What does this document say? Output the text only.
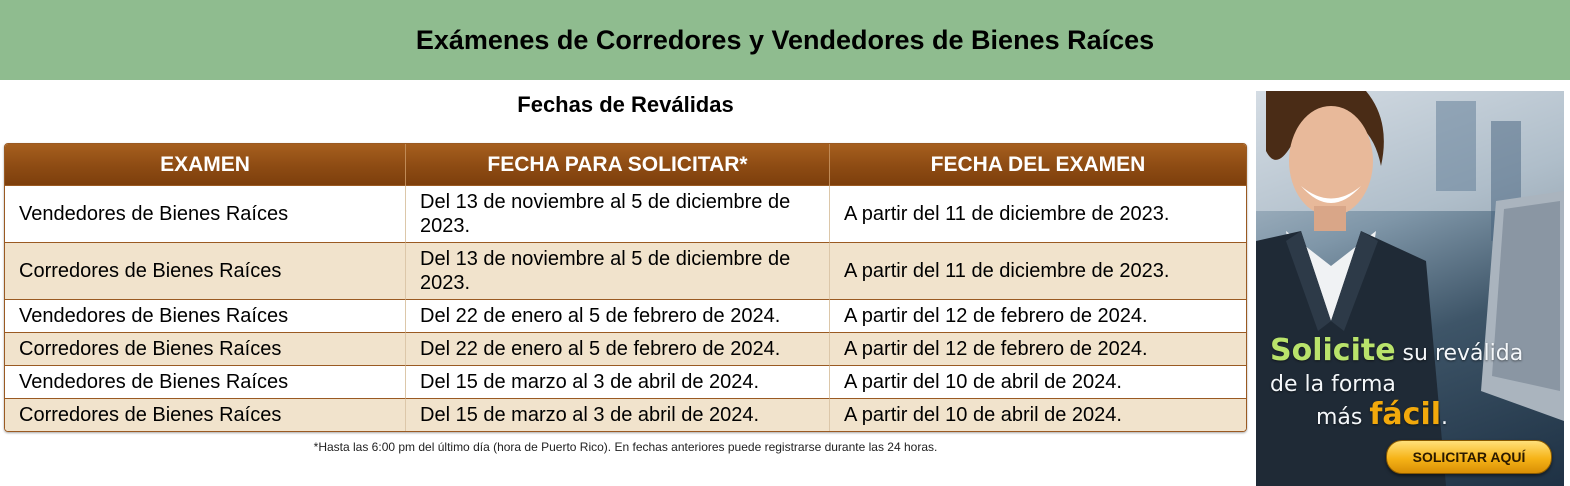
Exámenes de Corredores y Vendedores de Bienes Raíces
Fechas de Reválidas
EXAMEN	FECHA PARA SOLICITAR*	FECHA DEL EXAMEN
Vendedores de Bienes Raíces	Del 13 de noviembre al 5 de diciembre de 2023.	A partir del 11 de diciembre de 2023.
Corredores de Bienes Raíces	Del 13 de noviembre al 5 de diciembre de 2023.	A partir del 11 de diciembre de 2023.
Vendedores de Bienes Raíces	Del 22 de enero al 5 de febrero de 2024.	A partir del 12 de febrero de 2024.
Corredores de Bienes Raíces	Del 22 de enero al 5 de febrero de 2024.	A partir del 12 de febrero de 2024.
Vendedores de Bienes Raíces	Del 15 de marzo al 3 de abril de 2024.	A partir del 10 de abril de 2024.
Corredores de Bienes Raíces	Del 15 de marzo al 3 de abril de 2024.	A partir del 10 de abril de 2024.
*Hasta las 6:00 pm del último día (hora de Puerto Rico). En fechas anteriores puede registrarse durante las 24 horas.
Solicite su reválida
de la forma
más fácil.
SOLICITAR AQUÍ
